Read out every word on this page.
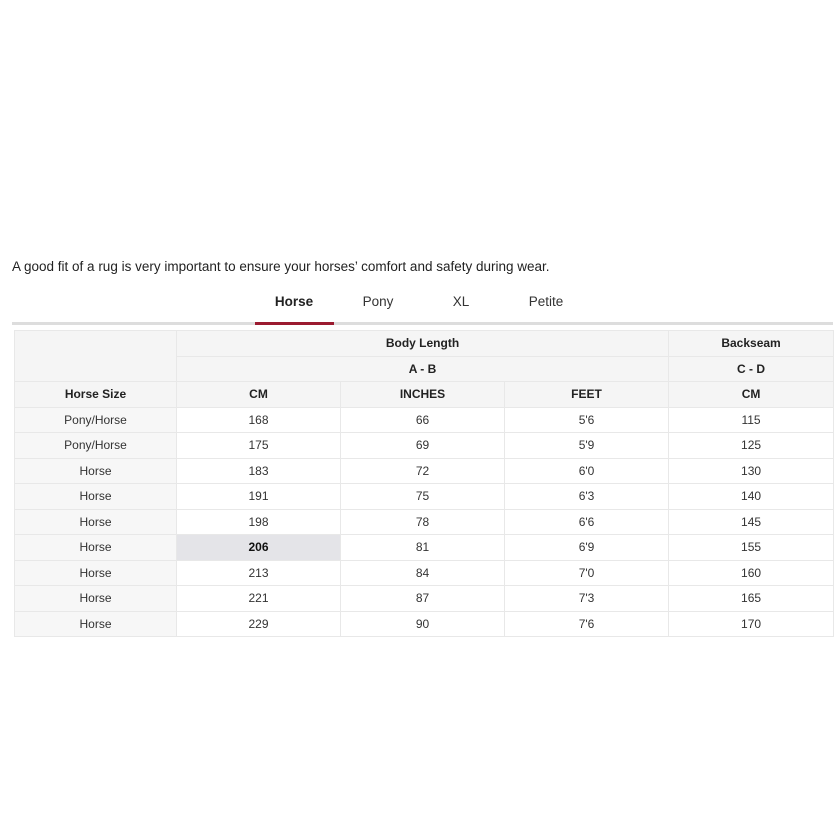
A good fit of a rug is very important to ensure your horses’ comfort and safety during wear.
Horse	Pony	XL	Petite
	Body Length			Backseam
	A - B			C - D
Horse Size	CM	INCHES	FEET	CM
Pony/Horse	168	66	5'6	115
Pony/Horse	175	69	5'9	125
Horse	183	72	6'0	130
Horse	191	75	6'3	140
Horse	198	78	6'6	145
Horse	206	81	6'9	155
Horse	213	84	7'0	160
Horse	221	87	7'3	165
Horse	229	90	7'6	170
